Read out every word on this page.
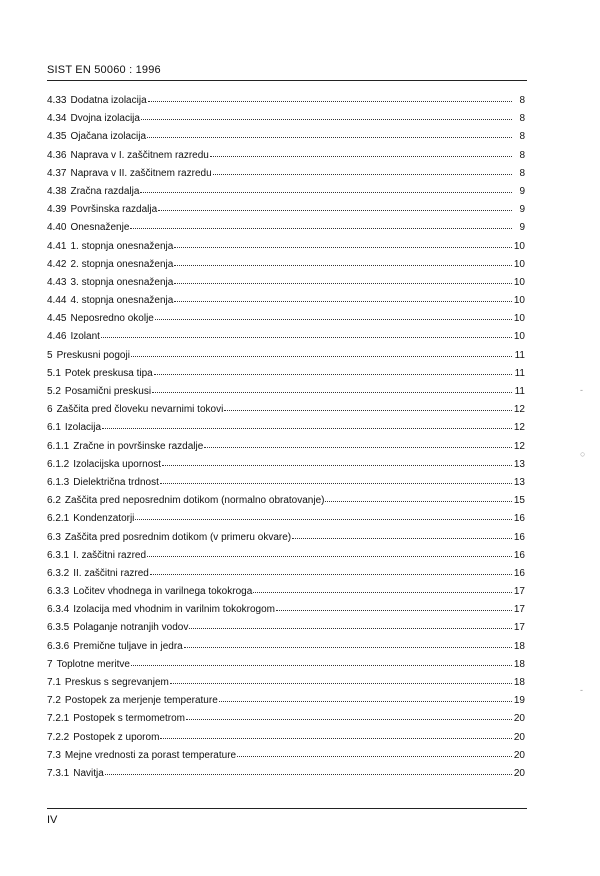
SIST EN 50060 : 1996
4.33 Dodatna izolacija	8
4.34 Dvojna izolacija	8
4.35 Ojačana izolacija	8
4.36 Naprava v I. zaščitnem razredu	8
4.37 Naprava v II. zaščitnem razredu	8
4.38 Zračna razdalja	9
4.39 Površinska razdalja	9
4.40 Onesnaženje	9
4.41 1. stopnja onesnaženja	10
4.42 2. stopnja onesnaženja	10
4.43 3. stopnja onesnaženja	10
4.44 4. stopnja onesnaženja	10
4.45 Neposredno okolje	10
4.46 Izolant	10
5 Preskusni pogoji	11
5.1 Potek preskusa tipa	11
5.2 Posamični preskusi	11
6 Zaščita pred človeku nevarnimi tokovi	12
6.1 Izolacija	12
6.1.1 Zračne in površinske razdalje	12
6.1.2 Izolacijska upornost	13
6.1.3 Dielektrična trdnost	13
6.2 Zaščita pred neposrednim dotikom (normalno obratovanje)	15
6.2.1 Kondenzatorji	16
6.3 Zaščita pred posrednim dotikom (v primeru okvare)	16
6.3.1 I. zaščitni razred	16
6.3.2 II. zaščitni razred	16
6.3.3 Ločitev vhodnega in varilnega tokokroga	17
6.3.4 Izolacija med vhodnim in varilnim tokokrogom	17
6.3.5 Polaganje notranjih vodov	17
6.3.6 Premične tuljave in jedra	18
7 Toplotne meritve	18
7.1 Preskus s segrevanjem	18
7.2 Postopek za merjenje temperature	19
7.2.1 Postopek s termometrom	20
7.2.2 Postopek z uporom	20
7.3 Mejne vrednosti za porast temperature	20
7.3.1 Navitja	20
IV
-
○
-
